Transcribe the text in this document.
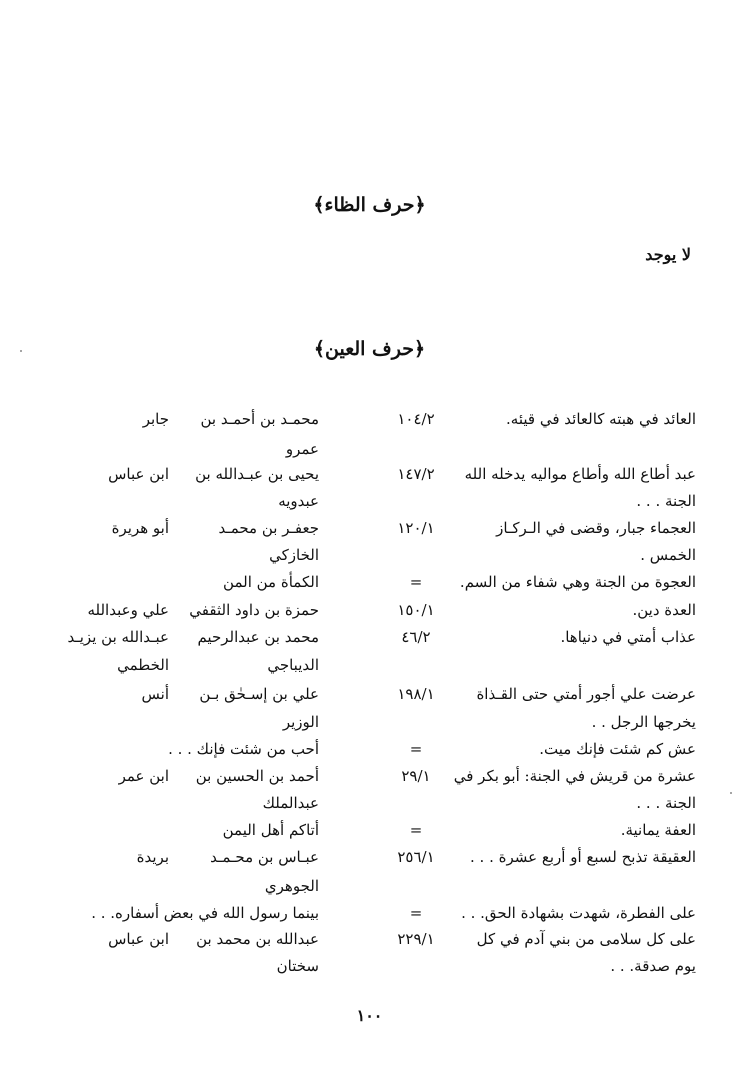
﴿حرف الظاء﴾
لا يوجد
﴿حرف العين﴾
العائد في هبته كالعائد في قيئه.
١٠٤/٢
محمـد بن أحمـد بن
جابر
عمرو
عبد أطاع الله وأطاع مواليه يدخله الله
١٤٧/٢
يحيى بن عبـدالله بن
ابن عباس
الجنة . . .
عبدويه
العجماء جبار، وقضى في الـركـاز
١٢٠/١
جعفـر بن محمـد
أبو هريرة
الخمس .
الخازكي
العجوة من الجنة وهي شفاء من السم.
=
الكمأة من المن
العدة دين.
١٥٠/١
حمزة بن داود الثقفي
علي وعبدالله
عذاب أمتي في دنياها.
٤٦/٢
محمد بن عبدالرحيم
عبـدالله بن يزيـد
الديباجي
الخطمي
عرضت علي أجور أمتي حتى القـذاة
١٩٨/١
علي بن إسـحٰق بـن
أنس
يخرجها الرجل . .
الوزير
عش كم شئت فإنك ميت.
=
أحب من شئت فإنك . . .
عشرة من قريش في الجنة: أبو بكر في
٢٩/١
أحمد بن الحسين بن
ابن عمر
الجنة . . .
عبدالملك
العفة يمانية.
=
أتاكم أهل اليمن
العقيقة تذبح لسبع أو أربع عشرة . . .
٢٥٦/١
عبـاس بن محـمـد
بريدة
الجوهري
على الفطرة، شهدت بشهادة الحق. . .
=
بينما رسول الله في بعض أسفاره. . .
على كل سلامى من بني آدم في كل
٢٢٩/١
عبدالله بن محمد بن
ابن عباس
يوم صدقة. . .
سختان
١٠٠
